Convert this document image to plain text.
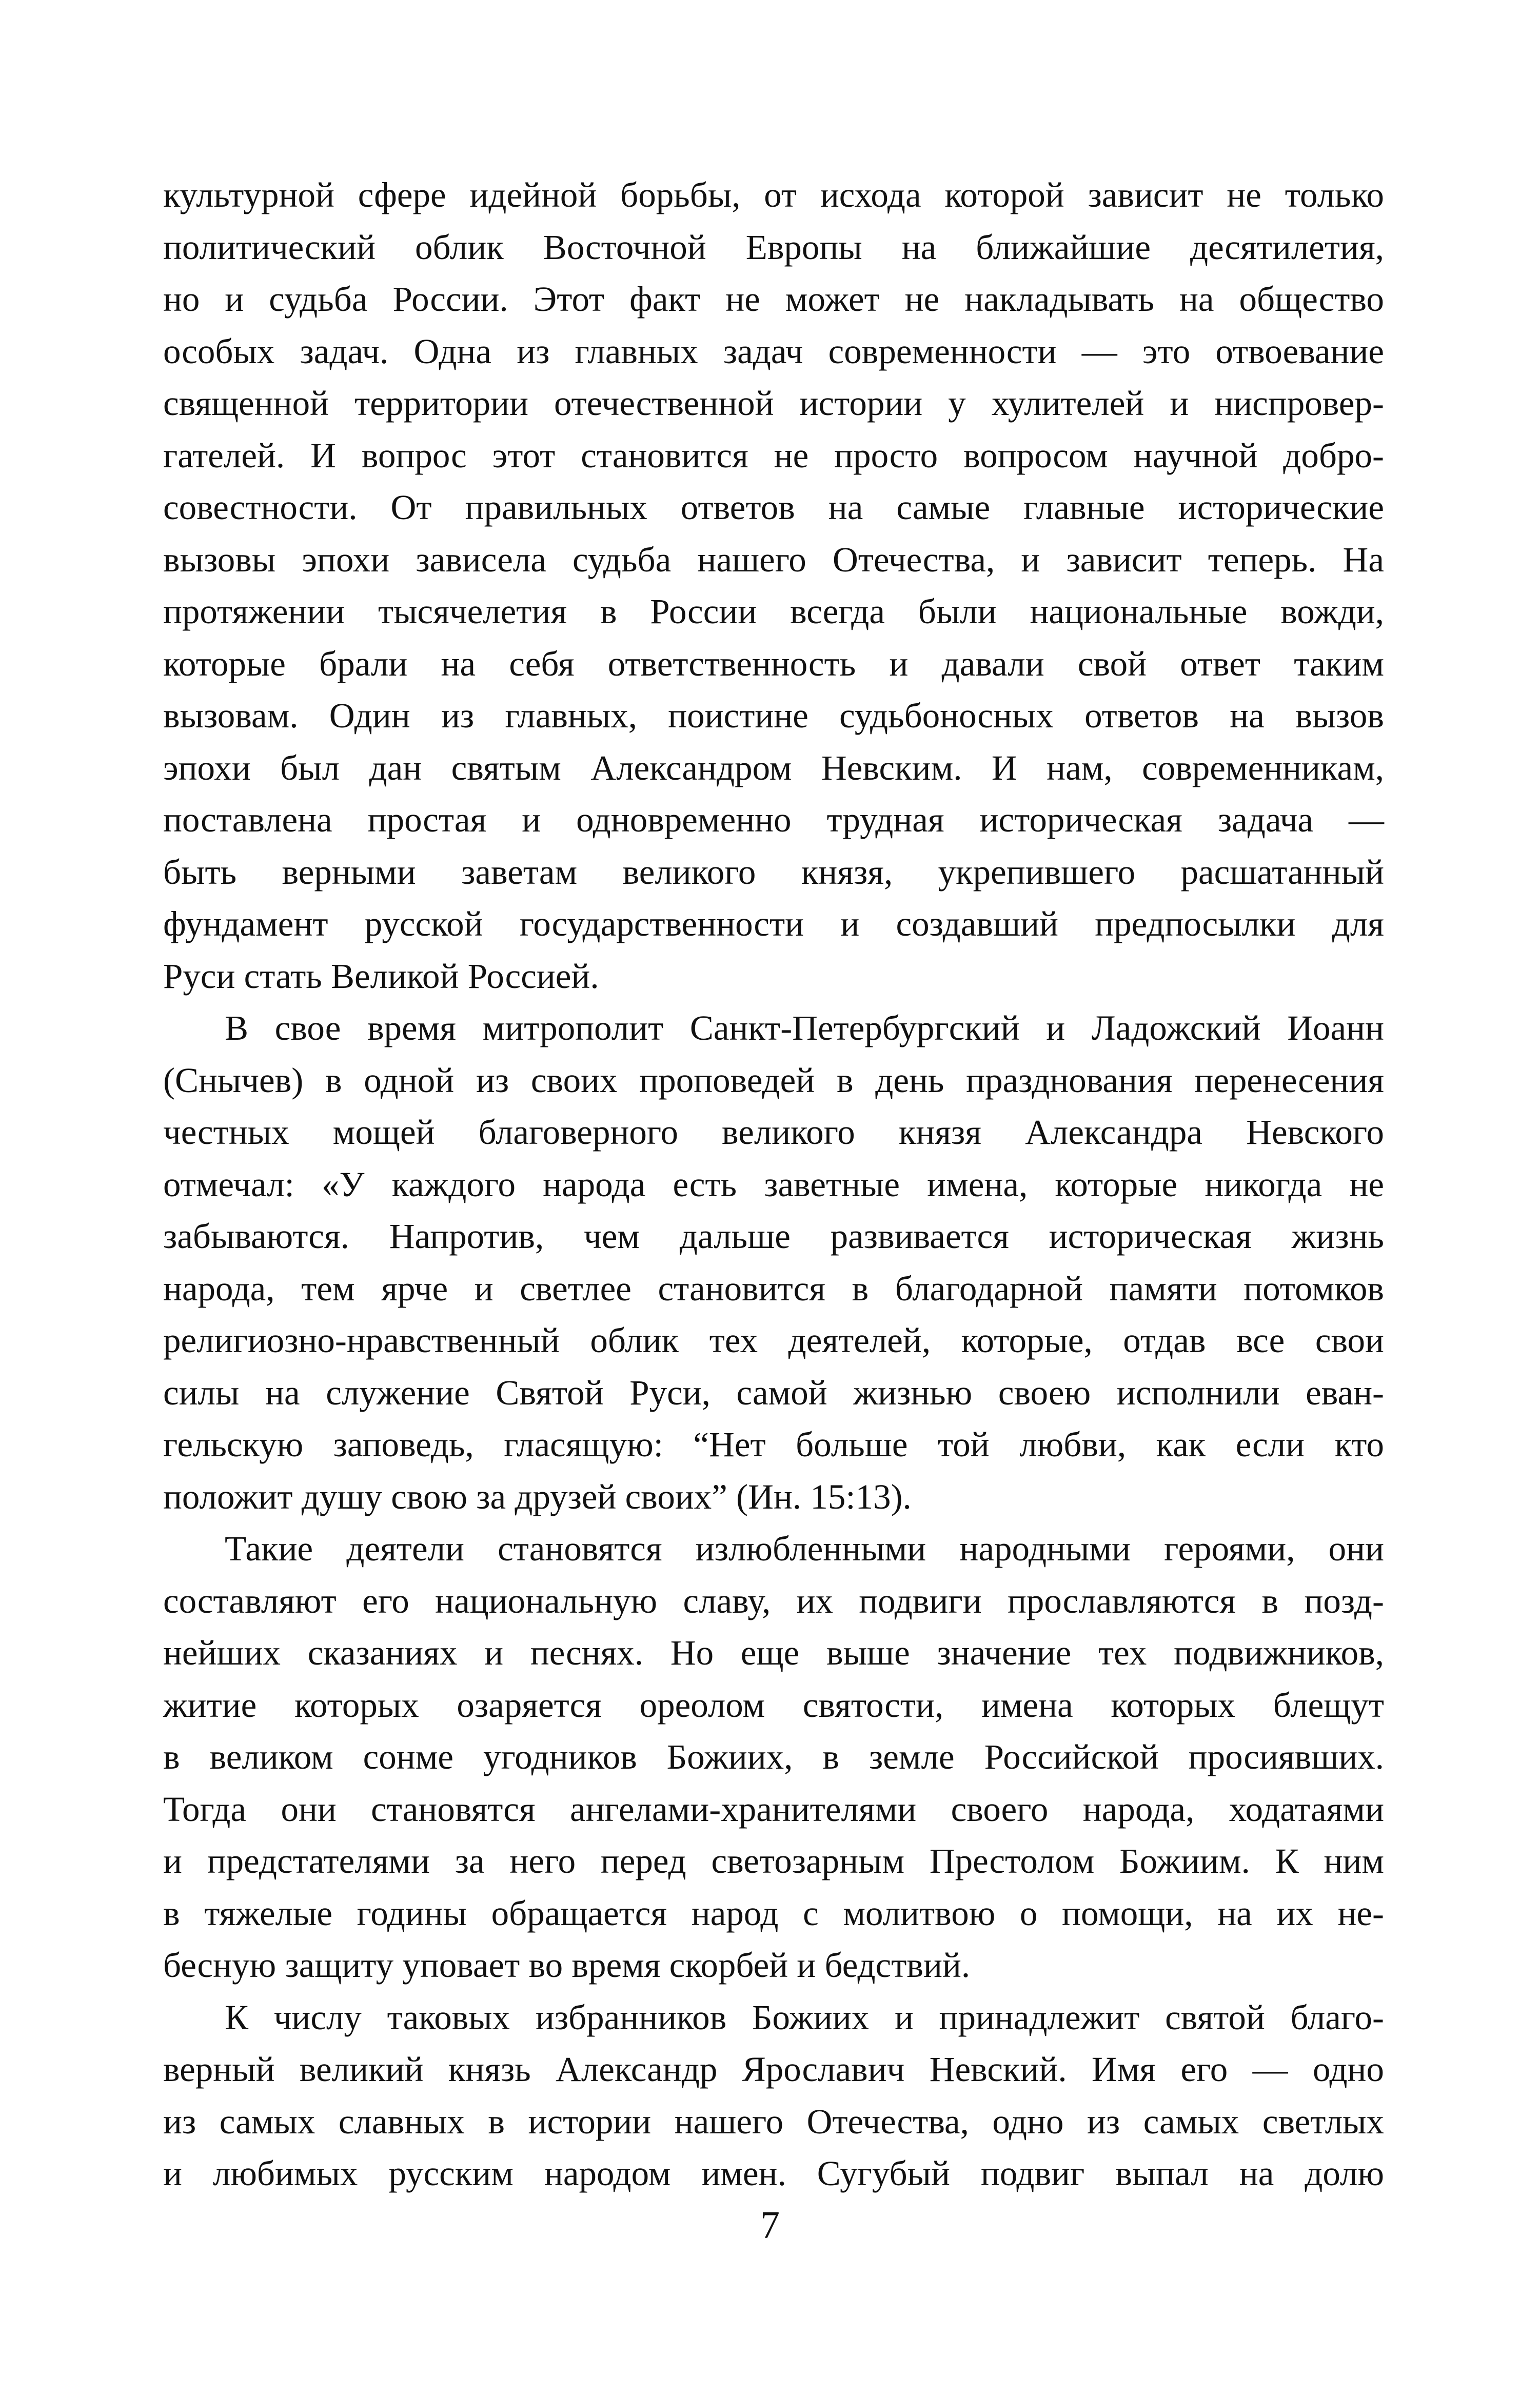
культурной сфере идейной борьбы, от исхода которой зависит не только
политический облик Восточной Европы на ближайшие десятилетия,
но и судьба России. Этот факт не может не накладывать на общество
особых задач. Одна из главных задач современности — это отвоевание
священной территории отечественной истории у хулителей и ниспровер-
гателей. И вопрос этот становится не просто вопросом научной добро-
совестности. От правильных ответов на самые главные исторические
вызовы эпохи зависела судьба нашего Отечества, и зависит теперь. На
протяжении тысячелетия в России всегда были национальные вожди,
которые брали на себя ответственность и давали свой ответ таким
вызовам. Один из главных, поистине судьбоносных ответов на вызов
эпохи был дан святым Александром Невским. И нам, современникам,
поставлена простая и одновременно трудная историческая задача —
быть верными заветам великого князя, укрепившего расшатанный
фундамент русской государственности и создавший предпосылки для
Руси стать Великой Россией.
В свое время митрополит Санкт-Петербургский и Ладожский Иоанн
(Снычев) в одной из своих проповедей в день празднования перенесения
честных мощей благоверного великого князя Александра Невского
отмечал: «У каждого народа есть заветные имена, которые никогда не
забываются. Напротив, чем дальше развивается историческая жизнь
народа, тем ярче и светлее становится в благодарной памяти потомков
религиозно-нравственный облик тех деятелей, которые, отдав все свои
силы на служение Святой Руси, самой жизнью своею исполнили еван-
гельскую заповедь, гласящую: “Нет больше той любви, как если кто
положит душу свою за друзей своих” (Ин. 15:13).
Такие деятели становятся излюбленными народными героями, они
составляют его национальную славу, их подвиги прославляются в позд-
нейших сказаниях и песнях. Но еще выше значение тех подвижников,
житие которых озаряется ореолом святости, имена которых блещут
в великом сонме угодников Божиих, в земле Российской просиявших.
Тогда они становятся ангелами-хранителями своего народа, ходатаями
и предстателями за него перед светозарным Престолом Божиим. К ним
в тяжелые годины обращается народ с молитвою о помощи, на их не-
бесную защиту уповает во время скорбей и бедствий.
К числу таковых избранников Божиих и принадлежит святой благо-
верный великий князь Александр Ярославич Невский. Имя его — одно
из самых славных в истории нашего Отечества, одно из самых светлых
и любимых русским народом имен. Сугубый подвиг выпал на долю
7
